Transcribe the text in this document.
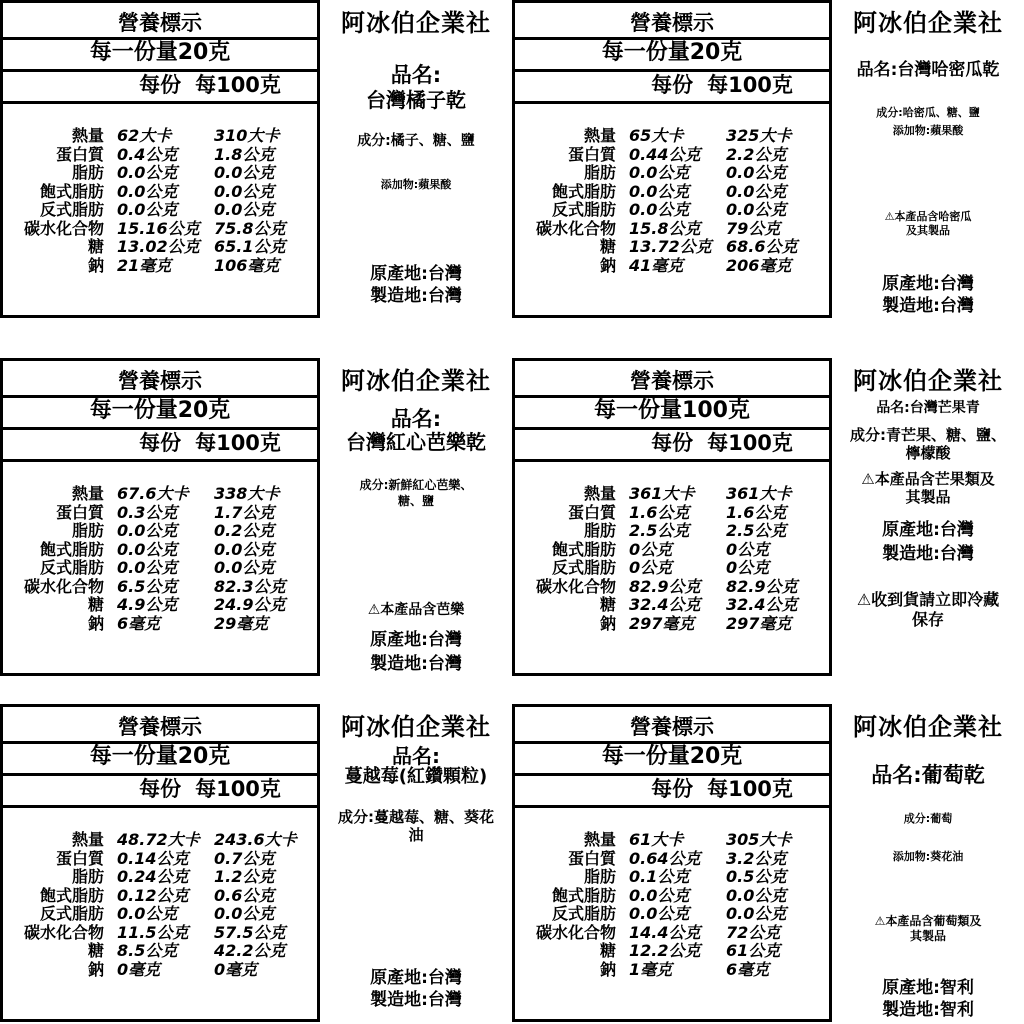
營養標示
每一份量20克
每份 每100克
熱量 62大卡	310大卡
蛋白質 0.4公克 1.8公克
脂肪 0.0公克 0.0公克
飽式脂肪 0.0公克 0.0公克
反式脂肪 0.0公克 0.0公克
碳水化合物 15.16公克 75.8公克
糖 13.02公克 65.1公克
鈉 21毫克	106毫克
阿冰伯企業社
品名:
台灣橘子乾
成分:橘子、糖、鹽
添加物:蘋果酸
原產地:台灣
製造地:台灣
營養標示
每一份量20克
每份 每100克
熱量 65大卡	325大卡
蛋白質 0.44公克 2.2公克
脂肪 0.0公克 0.0公克
飽式脂肪 0.0公克 0.0公克
反式脂肪 0.0公克 0.0公克
碳水化合物 15.8公克 79公克
糖 13.72公克 68.6公克
鈉 41毫克	206毫克
阿冰伯企業社
品名:台灣哈密瓜乾
成分:哈密瓜、糖、鹽
添加物:蘋果酸
⚠本產品含哈密瓜
及其製品
原產地:台灣
製造地:台灣
營養標示
每一份量20克
每份 每100克
熱量 67.6大卡 338大卡
蛋白質 0.3公克 1.7公克
脂肪 0.0公克 0.2公克
飽式脂肪 0.0公克 0.0公克
反式脂肪 0.0公克 0.0公克
碳水化合物 6.5公克 82.3公克
糖 4.9公克 24.9公克
鈉 6毫克	29毫克
阿冰伯企業社
品名:
台灣紅心芭樂乾
成分:新鮮紅心芭樂、
糖、鹽
⚠本產品含芭樂
原產地:台灣
製造地:台灣
營養標示
每一份量100克
每份 每100克
熱量 361大卡 361大卡
蛋白質 1.6公克 1.6公克
脂肪 2.5公克 2.5公克
飽式脂肪 0公克	0公克
反式脂肪 0公克	0公克
碳水化合物 82.9公克 82.9公克
糖 32.4公克 32.4公克
鈉 297毫克 297毫克
阿冰伯企業社
品名:台灣芒果青
成分:青芒果、糖、鹽、
檸檬酸
⚠本產品含芒果類及
其製品
原產地:台灣
製造地:台灣
⚠收到貨請立即冷藏
保存
營養標示
每一份量20克
每份 每100克
熱量 48.72大卡 243.6大卡
蛋白質 0.14公克 0.7公克
脂肪 0.24公克 1.2公克
飽式脂肪 0.12公克 0.6公克
反式脂肪 0.0公克 0.0公克
碳水化合物 11.5公克 57.5公克
糖 8.5公克 42.2公克
鈉 0毫克	0毫克
阿冰伯企業社
品名:
蔓越莓(紅鑽顆粒)
成分:蔓越莓、糖、葵花
油
原產地:台灣
製造地:台灣
營養標示
每一份量20克
每份 每100克
熱量 61大卡	305大卡
蛋白質 0.64公克 3.2公克
脂肪 0.1公克 0.5公克
飽式脂肪 0.0公克 0.0公克
反式脂肪 0.0公克 0.0公克
碳水化合物 14.4公克 72公克
糖 12.2公克 61公克
鈉 1毫克	6毫克
阿冰伯企業社
品名:葡萄乾
成分:葡萄
添加物:葵花油
⚠本產品含葡萄類及
其製品
原產地:智利
製造地:智利
